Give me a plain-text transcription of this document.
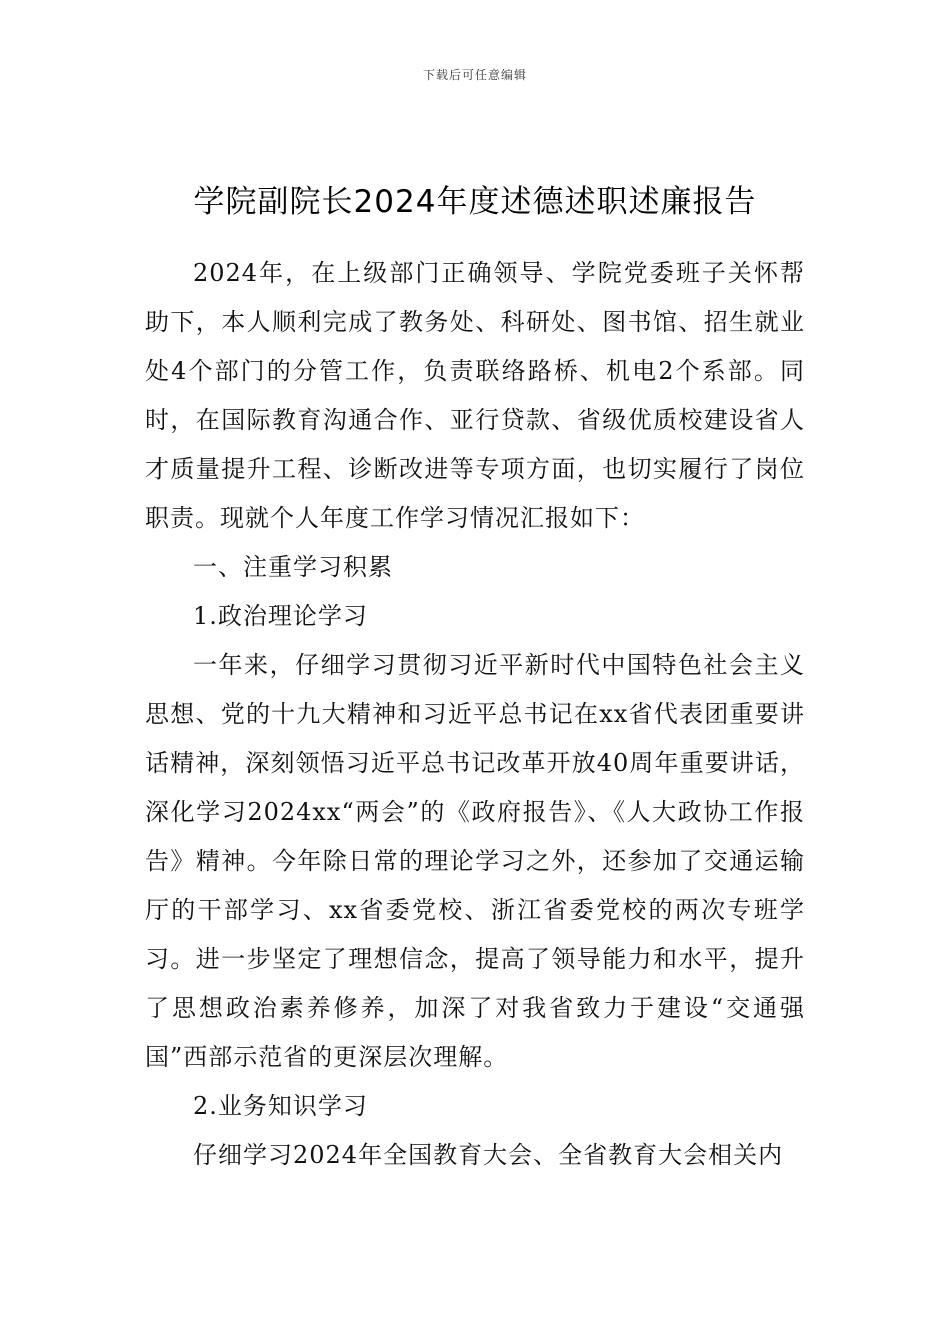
下载后可任意编辑
学院副院长2024年度述德述职述廉报告

2024年，在上级部门正确领导、学院党委班子关怀帮助下，本人顺利完成了教务处、科研处、图书馆、招生就业处4个部门的分管工作，负责联络路桥、机电2个系部。同时，在国际教育沟通合作、亚行贷款、省级优质校建设省人才质量提升工程、诊断改进等专项方面，也切实履行了岗位职责。现就个人年度工作学习情况汇报如下：

一、注重学习积累

1.政治理论学习

一年来，仔细学习贯彻习近平新时代中国特色社会主义思想、党的十九大精神和习近平总书记在xx省代表团重要讲话精神，深刻领悟习近平总书记改革开放40周年重要讲话，深化学习2024xx“两会”的《政府报告》、《人大政协工作报告》精神。今年除日常的理论学习之外，还参加了交通运输厅的干部学习、xx省委党校、浙江省委党校的两次专班学习。进一步坚定了理想信念，提高了领导能力和水平，提升了思想政治素养修养，加深了对我省致力于建设“交通强国”西部示范省的更深层次理解。

2.业务知识学习

仔细学习2024年全国教育大会、全省教育大会相关内
